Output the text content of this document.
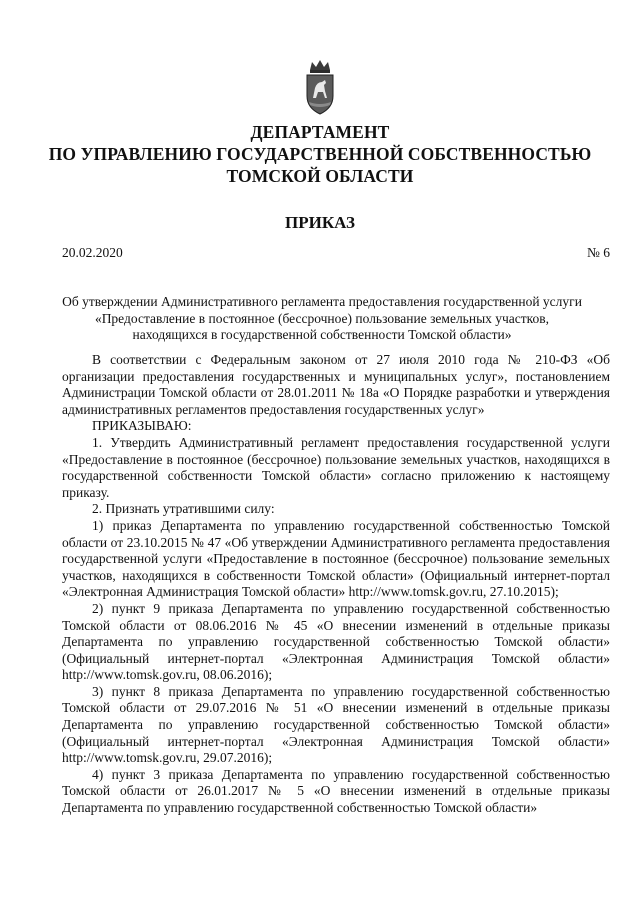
ДЕПАРТАМЕНТ
ПО УПРАВЛЕНИЮ ГОСУДАРСТВЕННОЙ СОБСТВЕННОСТЬЮ
ТОМСКОЙ ОБЛАСТИ
ПРИКАЗ
20.02.2020	№ 6
Об утверждении Административного регламента предоставления государственной услуги
«Предоставление в постоянное (бессрочное) пользование земельных участков,
находящихся в государственной собственности Томской области»

В соответствии с Федеральным законом от 27 июля 2010 года № 210-ФЗ «Об организации предоставления государственных и муниципальных услуг», постановлением Администрации Томской области от 28.01.2011 № 18а «О Порядке разработки и утверждения административных регламентов предоставления государственных услуг»

ПРИКАЗЫВАЮ:

1. Утвердить Административный регламент предоставления государственной услуги «Предоставление в постоянное (бессрочное) пользование земельных участков, находящихся в государственной собственности Томской области» согласно приложению к настоящему приказу.

2. Признать утратившими силу:

1) приказ Департамента по управлению государственной собственностью Томской области от 23.10.2015 № 47 «Об утверждении Административного регламента предоставления государственной услуги «Предоставление в постоянное (бессрочное) пользование земельных участков, находящихся в собственности Томской области» (Официальный интернет-портал «Электронная Администрация Томской области» http://www.tomsk.gov.ru, 27.10.2015);

2) пункт 9 приказа Департамента по управлению государственной собственностью Томской области от 08.06.2016 № 45 «О внесении изменений в отдельные приказы Департамента по управлению государственной собственностью Томской области» (Официальный интернет-портал «Электронная Администрация Томской области» http://www.tomsk.gov.ru, 08.06.2016);

3) пункт 8 приказа Департамента по управлению государственной собственностью Томской области от 29.07.2016 № 51 «О внесении изменений в отдельные приказы Департамента по управлению государственной собственностью Томской области» (Официальный интернет-портал «Электронная Администрация Томской области» http://www.tomsk.gov.ru, 29.07.2016);

4) пункт 3 приказа Департамента по управлению государственной собственностью Томской области от 26.01.2017 № 5 «О внесении изменений в отдельные приказы Департамента по управлению государственной собственностью Томской области»
